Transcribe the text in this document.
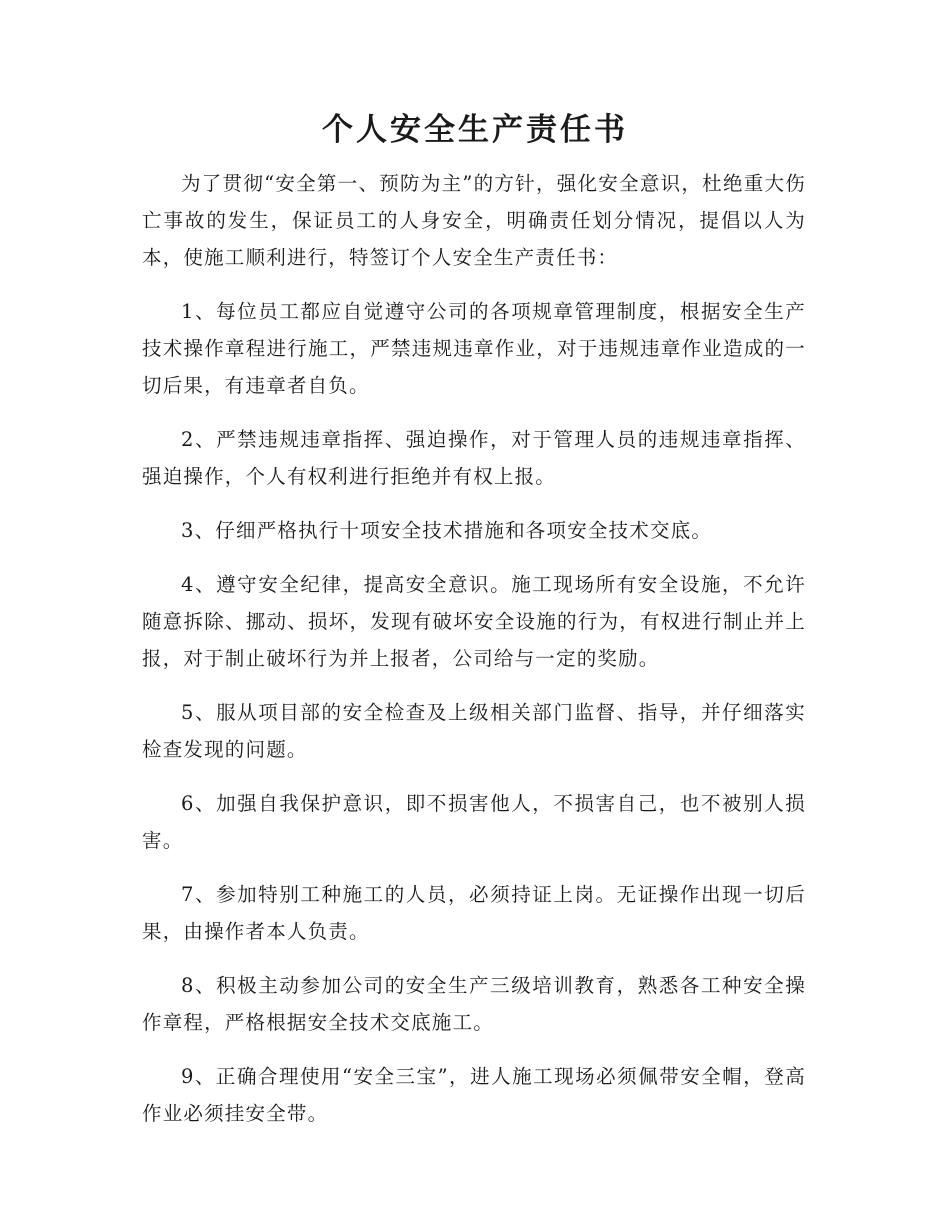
个人安全生产责任书

为了贯彻“安全第一、预防为主”的方针，强化安全意识，杜绝重大伤亡事故的发生，保证员工的人身安全，明确责任划分情况，提倡以人为本，使施工顺利进行，特签订个人安全生产责任书：

1、每位员工都应自觉遵守公司的各项规章管理制度，根据安全生产技术操作章程进行施工，严禁违规违章作业，对于违规违章作业造成的一切后果，有违章者自负。

2、严禁违规违章指挥、强迫操作，对于管理人员的违规违章指挥、强迫操作，个人有权利进行拒绝并有权上报。

3、仔细严格执行十项安全技术措施和各项安全技术交底。

4、遵守安全纪律，提高安全意识。施工现场所有安全设施，不允许随意拆除、挪动、损坏，发现有破坏安全设施的行为，有权进行制止并上报，对于制止破坏行为并上报者，公司给与一定的奖励。

5、服从项目部的安全检查及上级相关部门监督、指导，并仔细落实检查发现的问题。

6、加强自我保护意识，即不损害他人，不损害自己，也不被别人损害。

7、参加特别工种施工的人员，必须持证上岗。无证操作出现一切后果，由操作者本人负责。

8、积极主动参加公司的安全生产三级培训教育，熟悉各工种安全操作章程，严格根据安全技术交底施工。

9、正确合理使用“安全三宝”，进人施工现场必须佩带安全帽，登高作业必须挂安全带。
